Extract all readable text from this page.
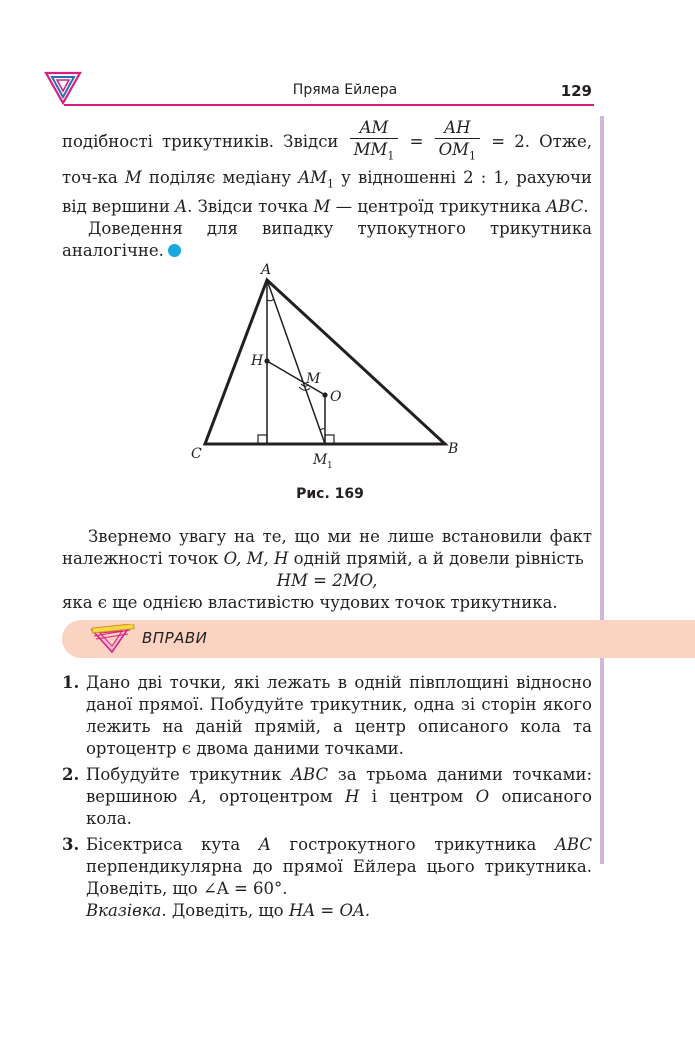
Пряма Ейлера	129

подібності трикутників. Звідси $\frac{AM}{MM_1} = \frac{AH}{OM_1} = 2$. Отже, точ-ка M поділяє медіану $AM_1$ у відношенні 2 : 1, рахуючи від вершини A. Звідси точка M — центроїд трикутника ABC.

Доведення для випадку тупокутного трикутника аналогічне.

A
B
C
H
M
O
M 1
Рис. 169

Звернемо увагу на те, що ми не лише встановили факт належності точок O, M, H одній прямій, а й довели рівність

HM = 2MO,

яка є ще однією властивістю чудових точок трикутника.

ВПРАВИ
1. Дано дві точки, які лежать в одній півплощині відносно даної прямої. Побудуйте трикутник, одна зі сторін якого лежить на даній прямій, а центр описаного кола та ортоцентр є двома даними точками.
2. Побудуйте трикутник ABC за трьома даними точками: вершиною A, ортоцентром H і центром O описаного кола.
3. Бісектриса кута A гострокутного трикутника ABC перпендикулярна до прямої Ейлера цього трикутника. Доведіть, що ∠A = 60°.
Вказівка. Доведіть, що HA = OA.
